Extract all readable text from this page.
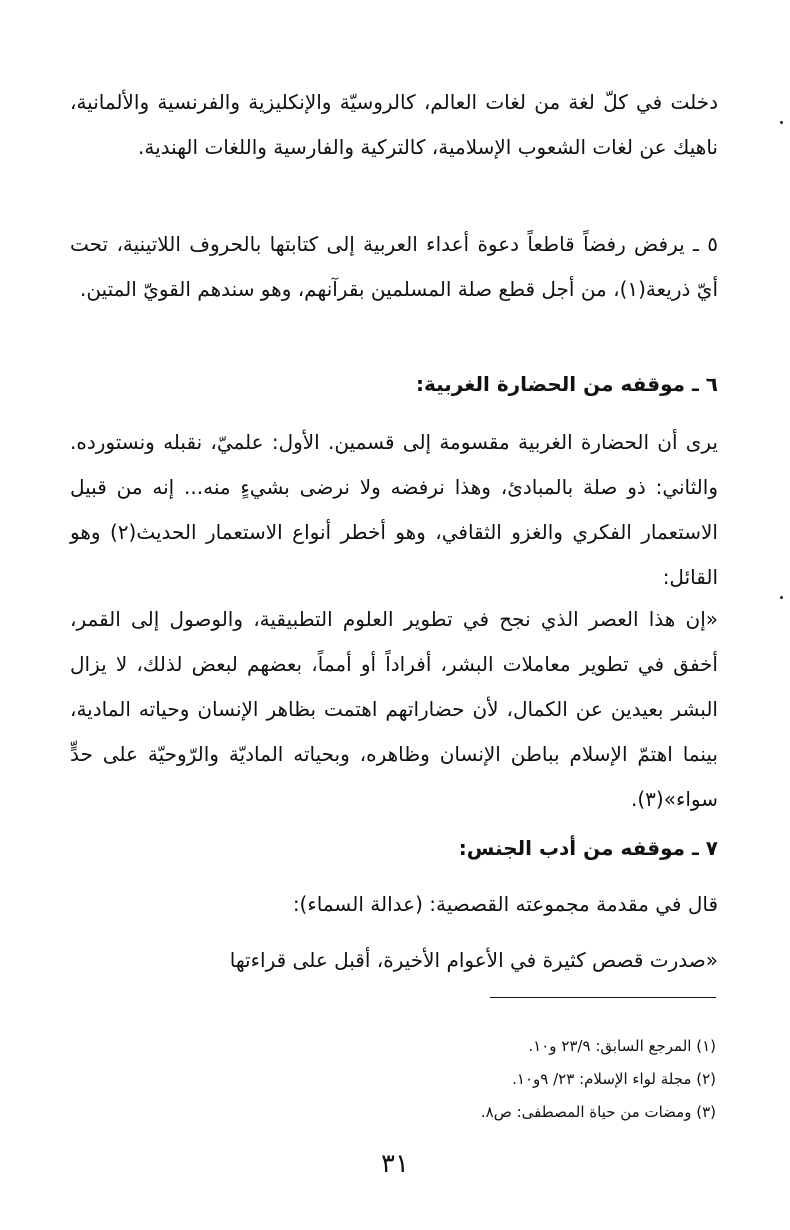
دخلت في كلّ لغة من لغات العالم، كالروسيّة والإنكليزية والفرنسية والألمانية، ناهيك عن لغات الشعوب الإسلامية، كالتركية والفارسية واللغات الهندية.

٥ ـ يرفض رفضاً قاطعاً دعوة أعداء العربية إلى كتابتها بالحروف اللاتينية، تحت أيّ ذريعة(١)، من أجل قطع صلة المسلمين بقرآنهم، وهو سندهم القويّ المتين.

٦ ـ موقفه من الحضارة الغربية:

يرى أن الحضارة الغربية مقسومة إلى قسمين. الأول: علميّ، نقبله ونستورده. والثاني: ذو صلة بالمبادئ، وهذا نرفضه ولا نرضى بشيءٍ منه... إنه من قبيل الاستعمار الفكري والغزو الثقافي، وهو أخطر أنواع الاستعمار الحديث(٢) وهو القائل:

«إن هذا العصر الذي نجح في تطوير العلوم التطبيقية، والوصول إلى القمر، أخفق في تطوير معاملات البشر، أفراداً أو أمماً، بعضهم لبعض لذلك، لا يزال البشر بعيدين عن الكمال، لأن حضاراتهم اهتمت بظاهر الإنسان وحياته المادية، بينما اهتمّ الإسلام بباطن الإنسان وظاهره، وبحياته الماديّة والرّوحيّة على حدٍّ سواء»(٣).

٧ ـ موقفه من أدب الجنس:

قال في مقدمة مجموعته القصصية: (عدالة السماء):

«صدرت قصص كثيرة في الأعوام الأخيرة، أقبل على قراءتها

(١) المرجع السابق: ٢٣/٩ و١٠.

(٢) مجلة لواء الإسلام: ٢٣/ ٩و١٠.

(٣) ومضات من حياة المصطفى: ص٨.

٣١
